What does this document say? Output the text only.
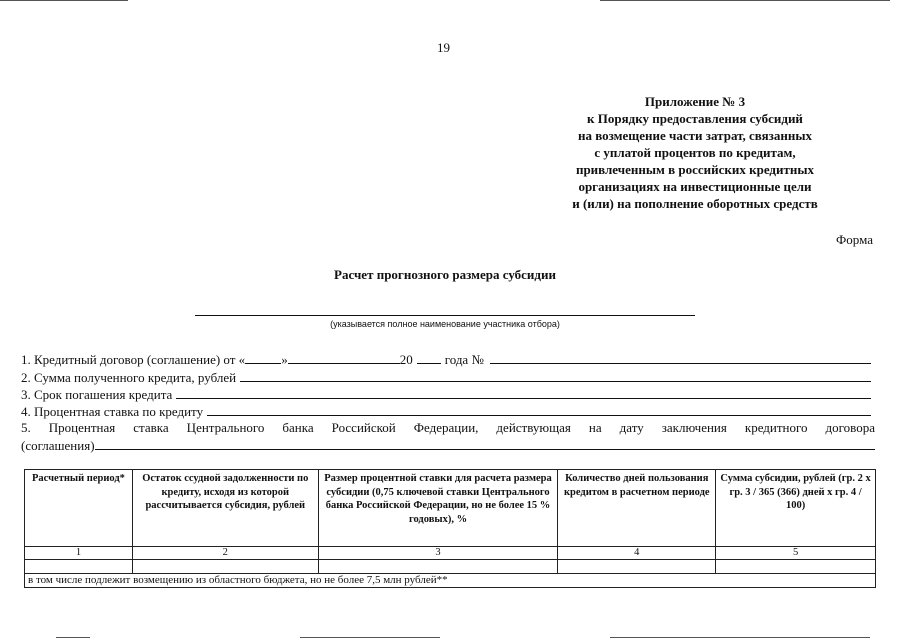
19
Приложение № 3
к Порядку предоставления субсидий
на возмещение части затрат, связанных
с уплатой процентов по кредитам,
привлеченным в российских кредитных
организациях на инвестиционные цели
и (или) на пополнение оборотных средств
Форма
Расчет прогнозного размера субсидии
(указывается полное наименование участника отбора)
1. Кредитный договор (соглашение) от «	»	20 года №
2. Сумма полученного кредита, рублей
3. Срок погашения кредита
4. Процентная ставка по кредиту
5. Процентная ставка Центрального банка Российской Федерации, действующая на дату заключения кредитного договора
(соглашения)
Расчетный период*	Остаток ссудной задолженности по кредиту, исходя из которой рассчитывается субсидия, рублей	Размер процентной ставки для расчета размера субсидии (0,75 ключевой ставки Центрального банка Российской Федерации, но не более 15 % годовых), %	Количество дней пользования кредитом в расчетном периоде	Сумма субсидии, рублей (гр. 2 х гр. 3 / 365 (366) дней х гр. 4 / 100)
1	2	3	4	5

в том числе подлежит возмещению из областного бюджета, но не более 7,5 млн рублей**				
